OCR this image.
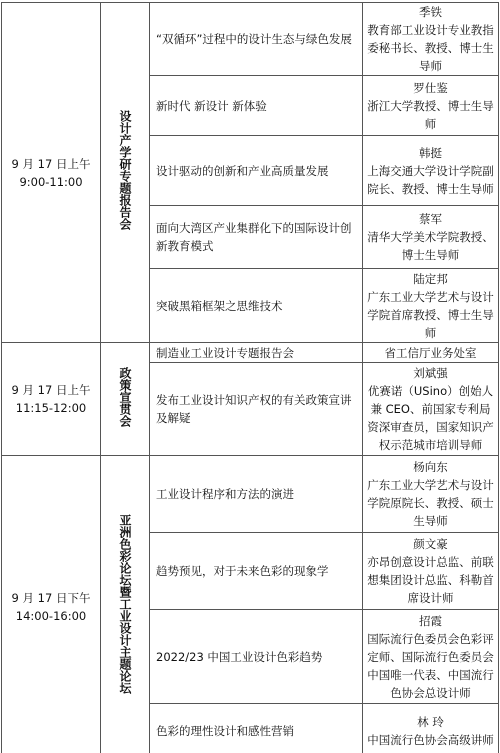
9 月 17 日上午
9:00-11:00	设计产学研专题报告会	“双循环”过程中的设计生态与绿色发展	季铁
教育部工业设计专业教指委秘书长、教授、博士生导师

		新时代 新设计 新体验	罗仕鉴
浙江大学教授、博士生导师

		设计驱动的创新和产业高质量发展	韩挺
上海交通大学设计学院副院长、教授、博士生导师

		面向大湾区产业集群化下的国际设计创新教育模式	蔡军
清华大学美术学院教授、博士生导师

		突破黑箱框架之思维技术	陆定邦
广东工业大学艺术与设计学院首席教授、博士生导师

9 月 17 日上午
11:15-12:00	政策宣贯会	制造业工业设计专题报告会	省工信厅业务处室

		发布工业设计知识产权的有关政策宣讲及解疑	刘斌强
优赛诺（USino）创始人兼 CEO、前国家专利局资深审查员，国家知识产权示范城市培训导师

9 月 17 日下午
14:00-16:00	亚洲色彩论坛暨工业设计主题论坛	工业设计程序和方法的演进	杨向东
广东工业大学艺术与设计学院原院长、教授、硕士生导师

		趋势预见，对于未来色彩的现象学	颜文豪
亦昂创意设计总监、前联想集团设计总监、科勒首席设计师

		2022/23 中国工业设计色彩趋势	招霞
国际流行色委员会色彩评定师、国际流行色委员会中国唯一代表、中国流行色协会总设计师

		色彩的理性设计和感性营销	林 玲
中国流行色协会高级讲师
